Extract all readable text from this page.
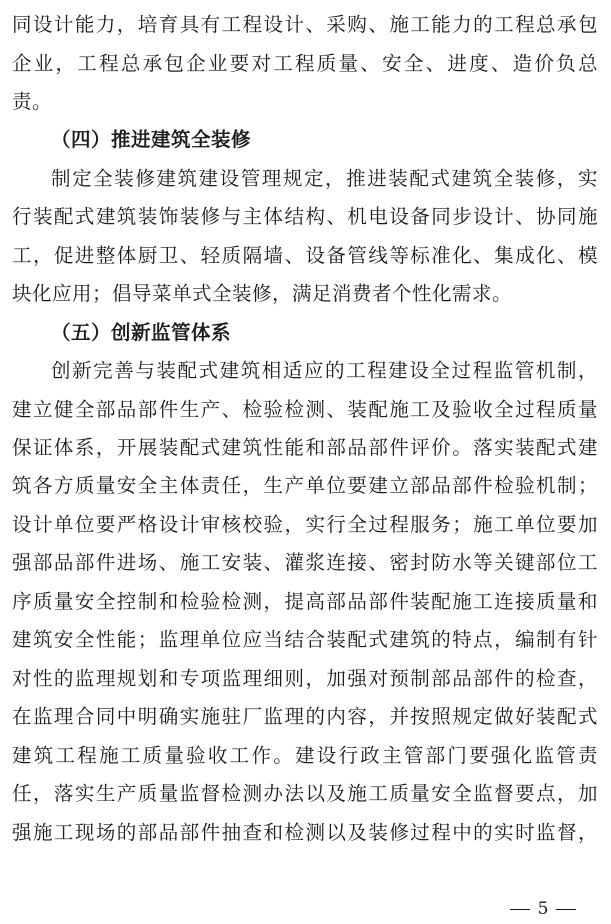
同设计能力，培育具有工程设计、采购、施工能力的工程总承包
企业，工程总承包企业要对工程质量、安全、进度、造价负总
责。
（四）推进建筑全装修
制定全装修建筑建设管理规定，推进装配式建筑全装修，实
行装配式建筑装饰装修与主体结构、机电设备同步设计、协同施
工，促进整体厨卫、轻质隔墙、设备管线等标准化、集成化、模
块化应用；倡导菜单式全装修，满足消费者个性化需求。
（五）创新监管体系
创新完善与装配式建筑相适应的工程建设全过程监管机制，
建立健全部品部件生产、检验检测、装配施工及验收全过程质量
保证体系，开展装配式建筑性能和部品部件评价。落实装配式建
筑各方质量安全主体责任，生产单位要建立部品部件检验机制；
设计单位要严格设计审核校验，实行全过程服务；施工单位要加
强部品部件进场、施工安装、灌浆连接、密封防水等关键部位工
序质量安全控制和检验检测，提高部品部件装配施工连接质量和
建筑安全性能；监理单位应当结合装配式建筑的特点，编制有针
对性的监理规划和专项监理细则，加强对预制部品部件的检查，
在监理合同中明确实施驻厂监理的内容，并按照规定做好装配式
建筑工程施工质量验收工作。建设行政主管部门要强化监管责
任，落实生产质量监督检测办法以及施工质量安全监督要点，加
强施工现场的部品部件抽查和检测以及装修过程中的实时监督，
5
